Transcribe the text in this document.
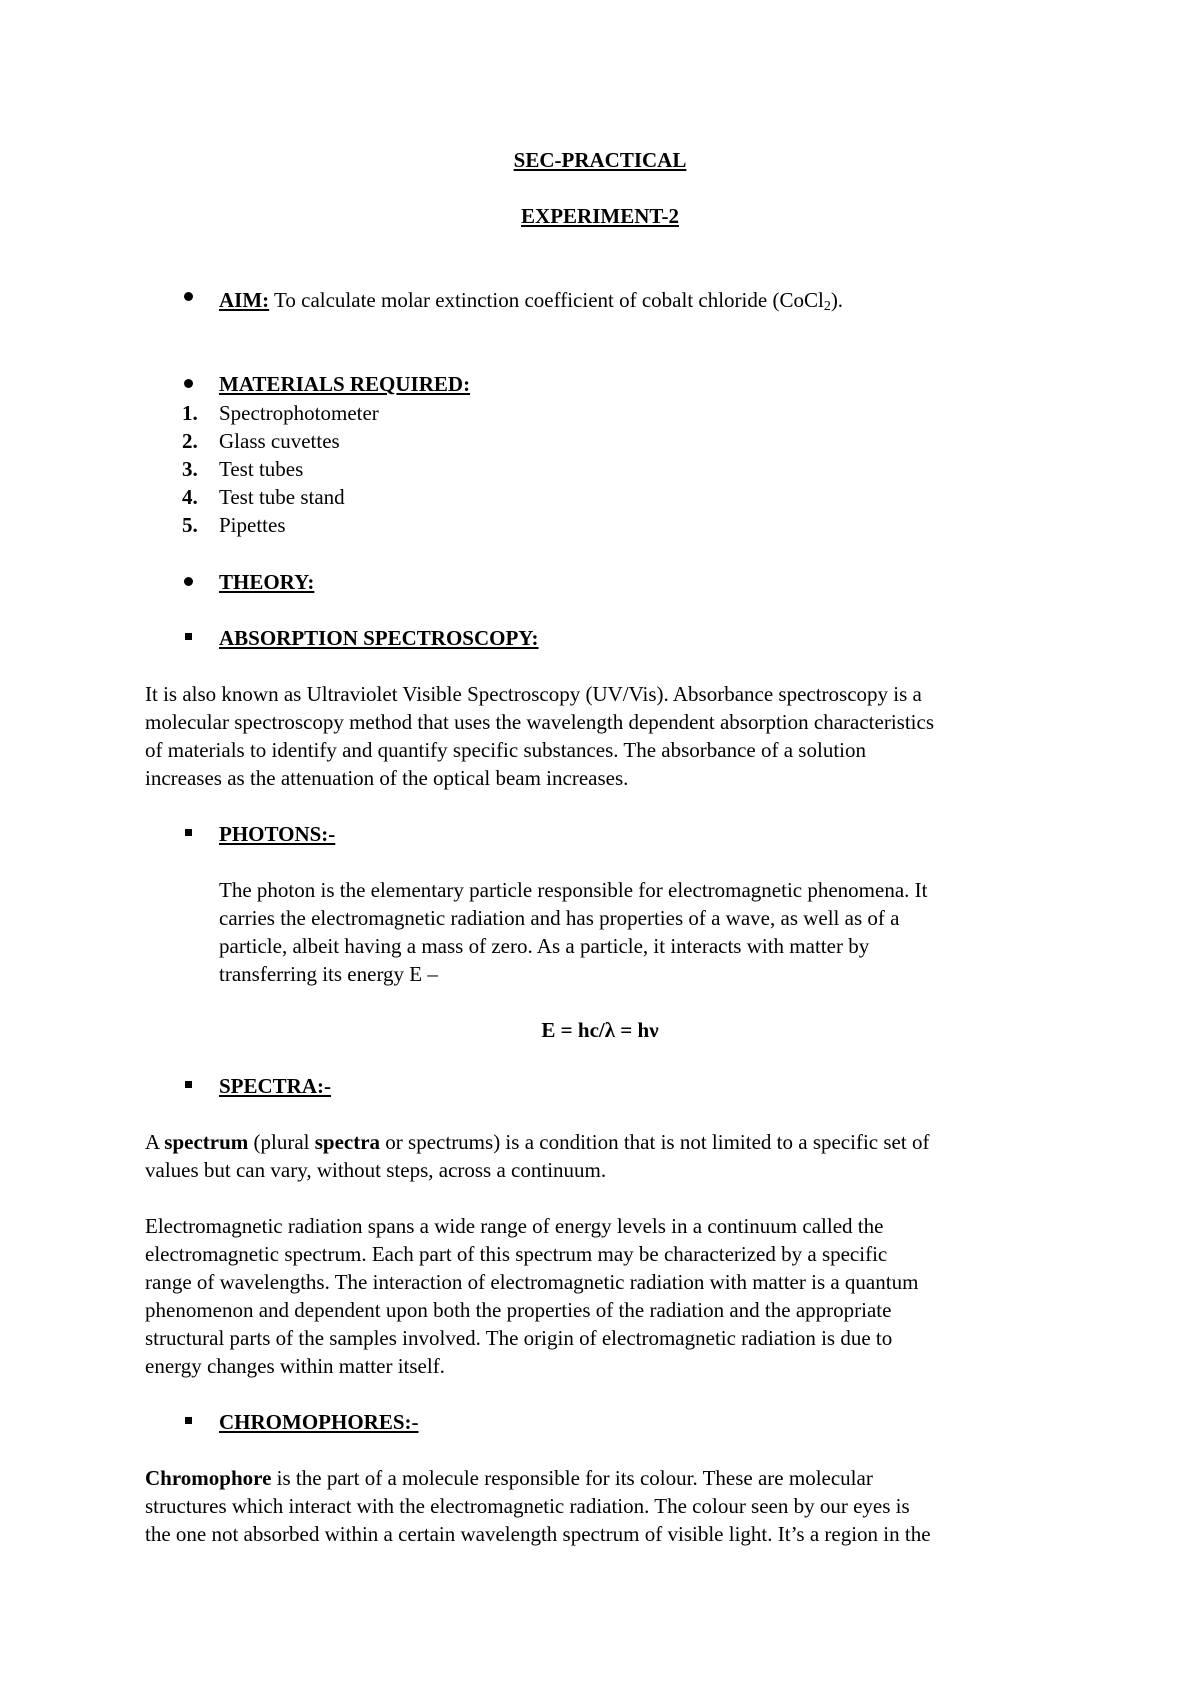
SEC-PRACTICAL
EXPERIMENT-2
AIM: To calculate molar extinction coefficient of cobalt chloride (CoCl$_2$).
MATERIALS REQUIRED:
1. Spectrophotometer
2. Glass cuvettes
3. Test tubes
4. Test tube stand
5. Pipettes
THEORY:
ABSORPTION SPECTROSCOPY:
It is also known as Ultraviolet Visible Spectroscopy (UV/Vis). Absorbance spectroscopy is a
molecular spectroscopy method that uses the wavelength dependent absorption characteristics
of materials to identify and quantify specific substances. The absorbance of a solution
increases as the attenuation of the optical beam increases.
PHOTONS:-
The photon is the elementary particle responsible for electromagnetic phenomena. It
carries the electromagnetic radiation and has properties of a wave, as well as of a
particle, albeit having a mass of zero. As a particle, it interacts with matter by
transferring its energy E –
E = hc/λ = hν
SPECTRA:-
A spectrum (plural spectra or spectrums) is a condition that is not limited to a specific set of
values but can vary, without steps, across a continuum.
Electromagnetic radiation spans a wide range of energy levels in a continuum called the
electromagnetic spectrum. Each part of this spectrum may be characterized by a specific
range of wavelengths. The interaction of electromagnetic radiation with matter is a quantum
phenomenon and dependent upon both the properties of the radiation and the appropriate
structural parts of the samples involved. The origin of electromagnetic radiation is due to
energy changes within matter itself.
CHROMOPHORES:-
Chromophore is the part of a molecule responsible for its colour. These are molecular
structures which interact with the electromagnetic radiation. The colour seen by our eyes is
the one not absorbed within a certain wavelength spectrum of visible light. It’s a region in the
